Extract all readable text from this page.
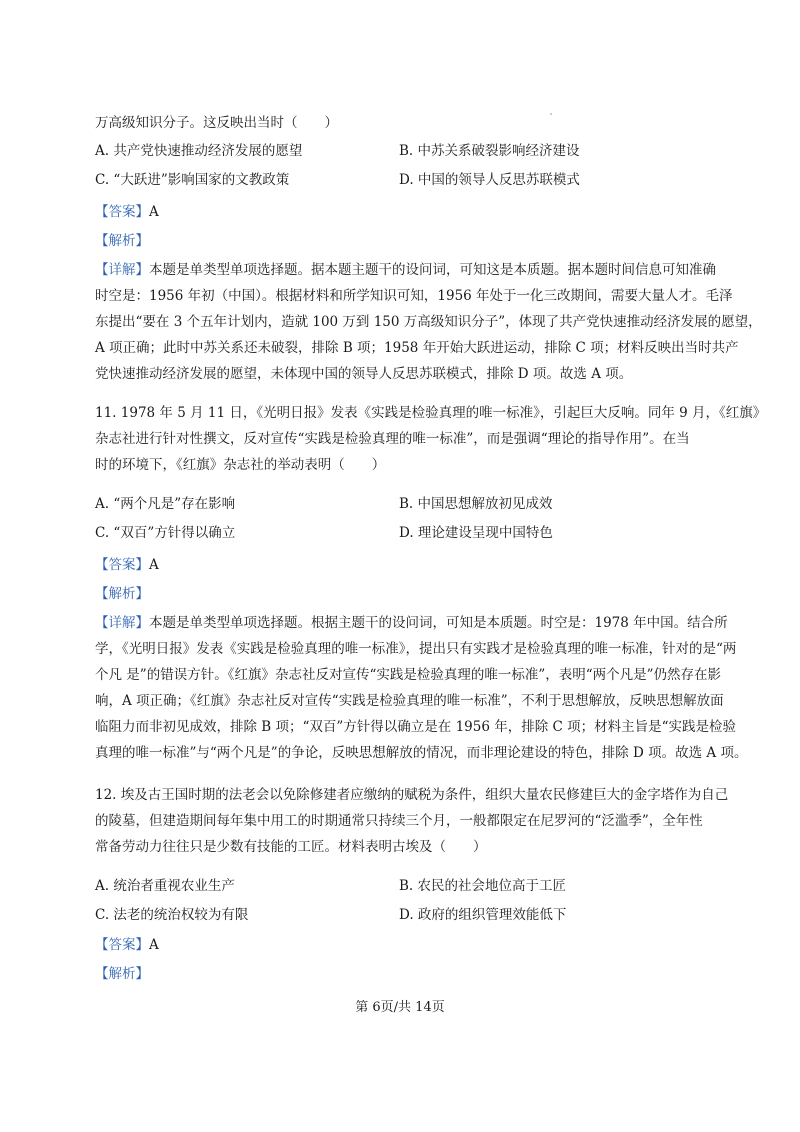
万高级知识分子。这反映出当时（　　）
A. 共产党快速推动经济发展的愿望	B. 中苏关系破裂影响经济建设
C. “大跃进”影响国家的文教政策	D. 中国的领导人反思苏联模式
【答案】A
【解析】
【详解】本题是单类型单项选择题。据本题主题干的设问词，可知这是本质题。据本题时间信息可知准确
时空是：1956 年初（中国）。根据材料和所学知识可知，1956 年处于一化三改期间，需要大量人才。毛泽
东提出“要在 3 个五年计划内，造就 100 万到 150 万高级知识分子”，体现了共产党快速推动经济发展的愿望，
A 项正确；此时中苏关系还未破裂，排除 B 项；1958 年开始大跃进运动，排除 C 项；材料反映出当时共产
党快速推动经济发展的愿望，未体现中国的领导人反思苏联模式，排除 D 项。故选 A 项。
11. 1978 年 5 月 11 日，《光明日报》发表《实践是检验真理的唯一标准》，引起巨大反响。同年 9 月，《红旗》
杂志社进行针对性撰文，反对宣传“实践是检验真理的唯一标准”，而是强调“理论的指导作用”。在当
时的环境下，《红旗》杂志社的举动表明（　　）
A. “两个凡是”存在影响	B. 中国思想解放初见成效
C. “双百”方针得以确立	D. 理论建设呈现中国特色
【答案】A
【解析】
【详解】本题是单类型单项选择题。根据主题干的设问词，可知是本质题。时空是：1978 年中国。结合所
学，《光明日报》发表《实践是检验真理的唯一标准》，提出只有实践才是检验真理的唯一标准，针对的是“两
个凡 是”的错误方针。《红旗》杂志社反对宣传“实践是检验真理的唯一标准”，表明“两个凡是”仍然存在影
响，A 项正确；《红旗》杂志社反对宣传“实践是检验真理的唯一标准”，不利于思想解放，反映思想解放面
临阻力而非初见成效，排除 B 项；“双百”方针得以确立是在 1956 年，排除 C 项；材料主旨是“实践是检验
真理的唯一标准”与“两个凡是”的争论，反映思想解放的情况，而非理论建设的特色，排除 D 项。故选 A 项。
12. 埃及古王国时期的法老会以免除修建者应缴纳的赋税为条件，组织大量农民修建巨大的金字塔作为自己
的陵墓，但建造期间每年集中用工的时期通常只持续三个月，一般都限定在尼罗河的“泛滥季”，全年性
常备劳动力往往只是少数有技能的工匠。材料表明古埃及（　　）
A. 统治者重视农业生产	B. 农民的社会地位高于工匠
C. 法老的统治权较为有限	D. 政府的组织管理效能低下
【答案】A
【解析】
第 6页/共 14页
